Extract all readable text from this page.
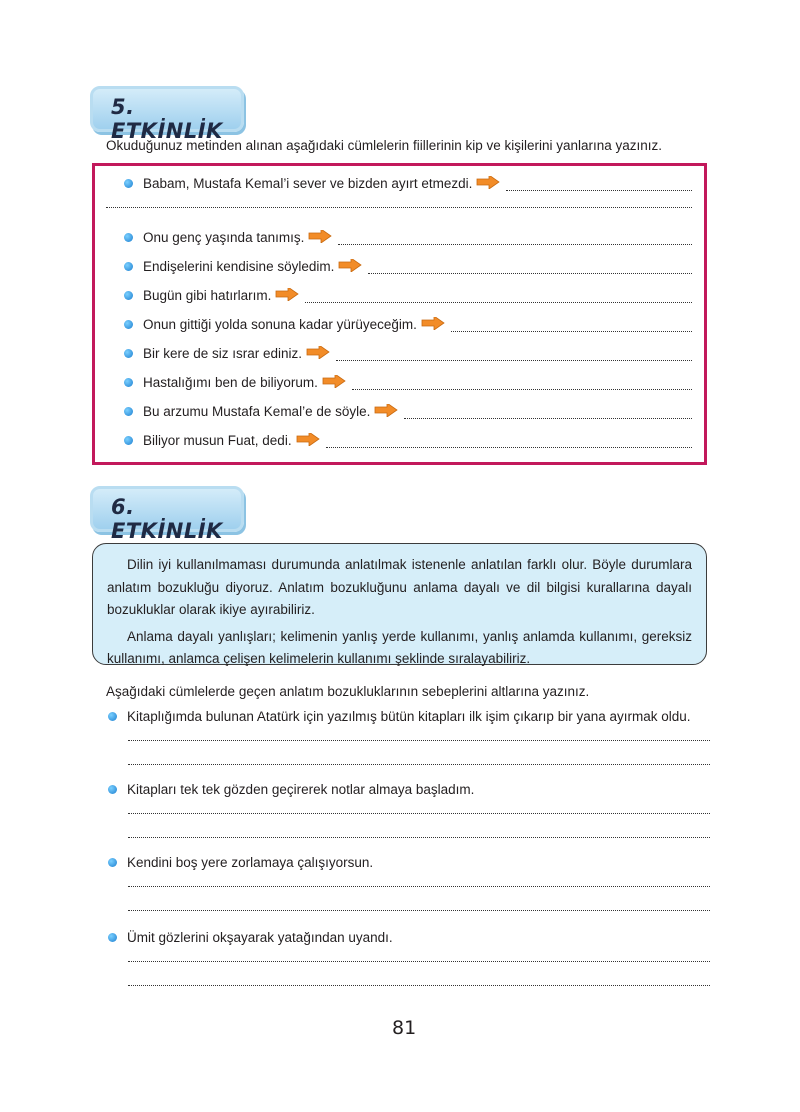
5. ETKİNLİK
Okuduğunuz metinden alınan aşağıdaki cümlelerin fiillerinin kip ve kişilerini yanlarına yazınız.
Babam, Mustafa Kemal’i sever ve bizden ayırt etmezdi.
Onu genç yaşında tanımış.
Endişelerini kendisine söyledim.
Bugün gibi hatırlarım.
Onun gittiği yolda sonuna kadar yürüyeceğim.
Bir kere de siz ısrar ediniz.
Hastalığımı ben de biliyorum.
Bu arzumu Mustafa Kemal’e de söyle.
Biliyor musun Fuat, dedi.
6. ETKİNLİK

Dilin iyi kullanılmaması durumunda anlatılmak istenenle anlatılan farklı olur. Böyle durumlara anlatım bozukluğu diyoruz. Anlatım bozukluğunu anlama dayalı ve dil bilgisi kurallarına dayalı bozukluklar olarak ikiye ayırabiliriz.

Anlama dayalı yanlışları; kelimenin yanlış yerde kullanımı, yanlış anlamda kullanımı, gereksiz kullanımı, anlamca çelişen kelimelerin kullanımı şeklinde sıralayabiliriz.

Aşağıdaki cümlelerde geçen anlatım bozukluklarının sebeplerini altlarına yazınız.
Kitaplığımda bulunan Atatürk için yazılmış bütün kitapları ilk işim çıkarıp bir yana ayırmak oldu.
Kitapları tek tek gözden geçirerek notlar almaya başladım.
Kendini boş yere zorlamaya çalışıyorsun.
Ümit gözlerini okşayarak yatağından uyandı.
81
